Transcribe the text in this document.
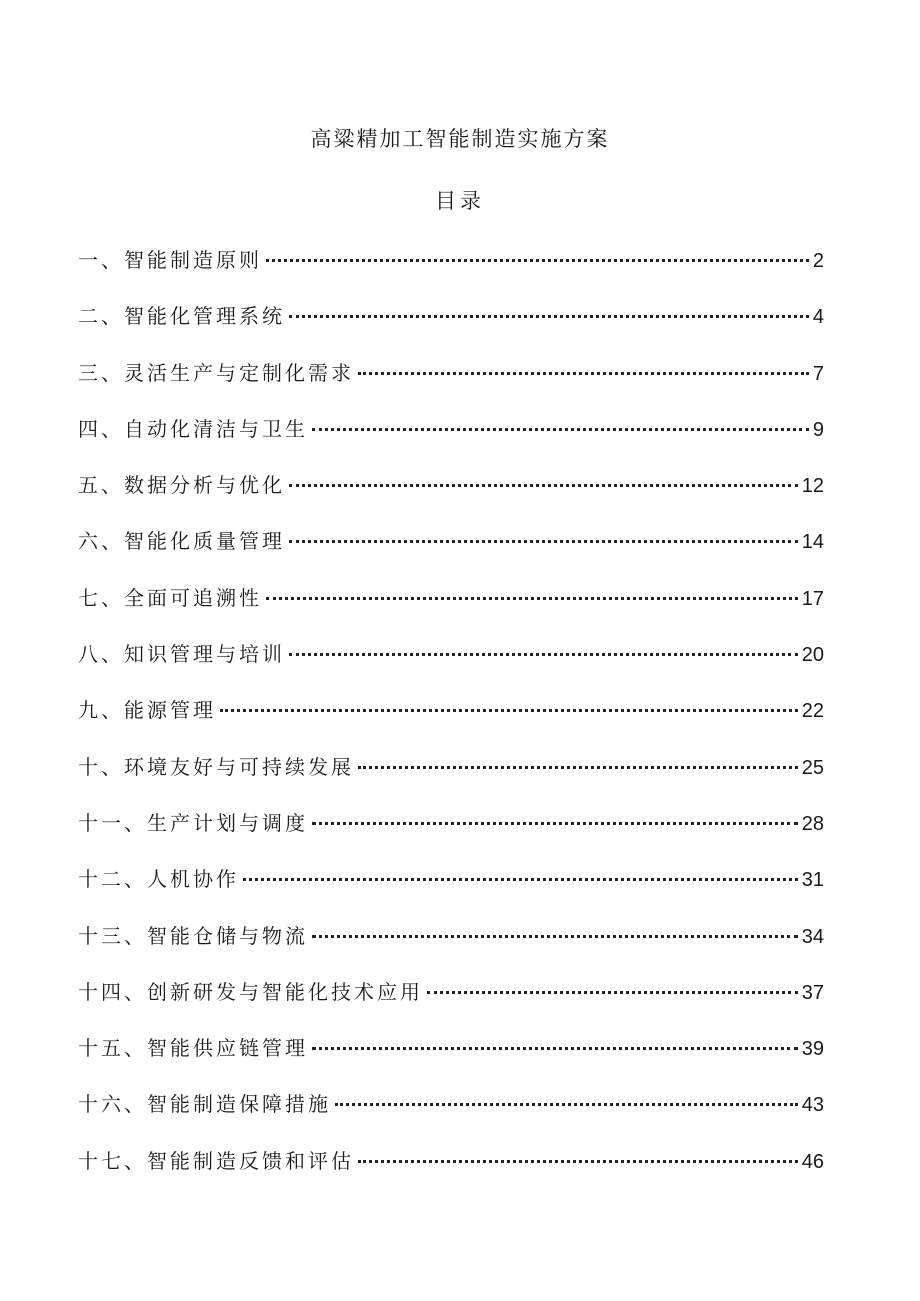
高粱精加工智能制造实施方案
目录
一、智能制造原则	2
二、智能化管理系统	4
三、灵活生产与定制化需求	7
四、自动化清洁与卫生	9
五、数据分析与优化	12
六、智能化质量管理	14
七、全面可追溯性	17
八、知识管理与培训	20
九、能源管理	22
十、环境友好与可持续发展	25
十一、生产计划与调度	28
十二、人机协作	31
十三、智能仓储与物流	34
十四、创新研发与智能化技术应用	37
十五、智能供应链管理	39
十六、智能制造保障措施	43
十七、智能制造反馈和评估	46
